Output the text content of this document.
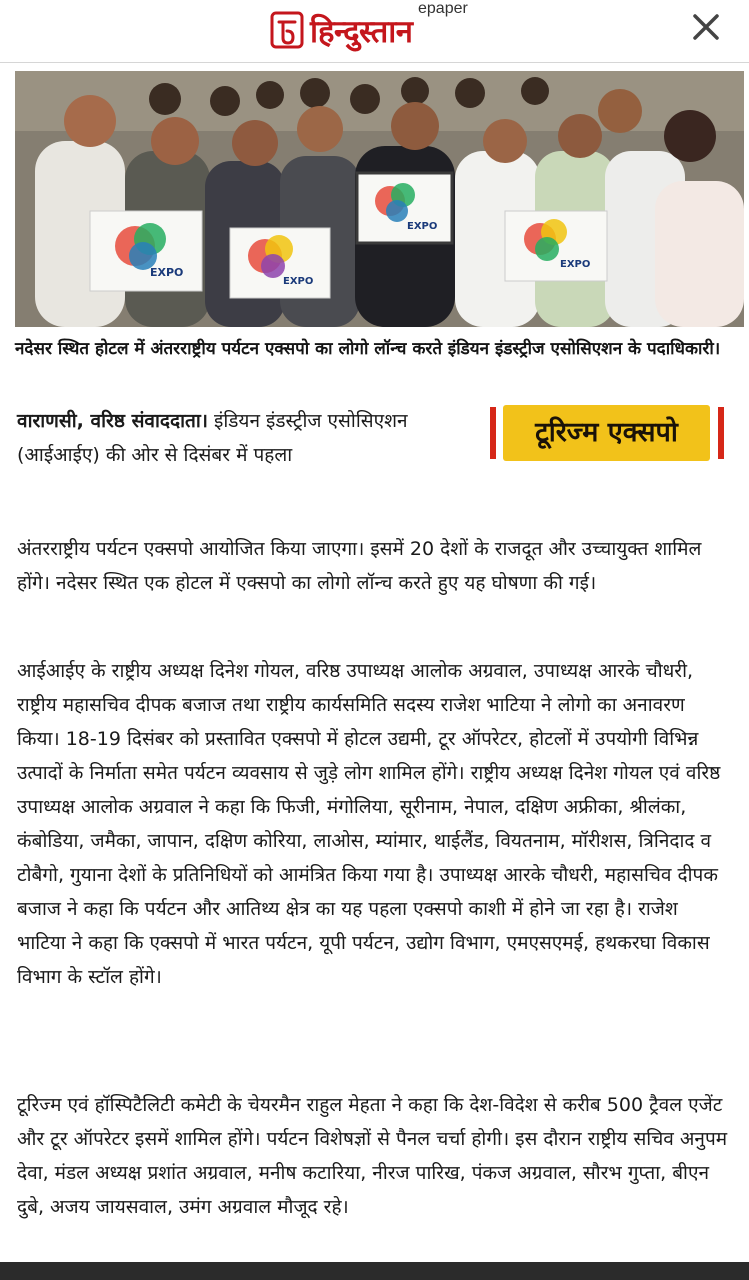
हिन्दुस्तान
epaper
EXPO
EXPO
EXPO
EXPO
नदेसर स्थित होटल में अंतरराष्ट्रीय पर्यटन एक्सपो का लोगो लॉन्च करते इंडियन इंडस्ट्रीज एसोसिएशन के पदाधिकारी।
वाराणसी, वरिष्ठ संवाददाता। इंडियन इंडस्ट्रीज एसोसिएशन (आईआईए) की ओर से दिसंबर में पहला
टूरिज्म एक्सपो
अंतरराष्ट्रीय पर्यटन एक्सपो आयोजित किया जाएगा। इसमें 20 देशों के राजदूत और उच्चायुक्त शामिल होंगे। नदेसर स्थित एक होटल में एक्सपो का लोगो लॉन्च करते हुए यह घोषणा की गई।
आईआईए के राष्ट्रीय अध्यक्ष दिनेश गोयल, वरिष्ठ उपाध्यक्ष आलोक अग्रवाल, उपाध्यक्ष आरके चौधरी, राष्ट्रीय महासचिव दीपक बजाज तथा राष्ट्रीय कार्यसमिति सदस्य राजेश भाटिया ने लोगो का अनावरण किया। 18-19 दिसंबर को प्रस्तावित एक्सपो में होटल उद्यमी, टूर ऑपरेटर, होटलों में उपयोगी विभिन्न उत्पादों के निर्माता समेत पर्यटन व्यवसाय से जुड़े लोग शामिल होंगे। राष्ट्रीय अध्यक्ष दिनेश गोयल एवं वरिष्ठ उपाध्यक्ष आलोक अग्रवाल ने कहा कि फिजी, मंगोलिया, सूरीनाम, नेपाल, दक्षिण अफ्रीका, श्रीलंका, कंबोडिया, जमैका, जापान, दक्षिण कोरिया, लाओस, म्यांमार, थाईलैंड, वियतनाम, मॉरीशस, त्रिनिदाद व टोबैगो, गुयाना देशों के प्रतिनिधियों को आमंत्रित किया गया है। उपाध्यक्ष आरके चौधरी, महासचिव दीपक बजाज ने कहा कि पर्यटन और आतिथ्य क्षेत्र का यह पहला एक्सपो काशी में होने जा रहा है। राजेश भाटिया ने कहा कि एक्सपो में भारत पर्यटन, यूपी पर्यटन, उद्योग विभाग, एमएसएमई, हथकरघा विकास विभाग के स्टॉल होंगे।
टूरिज्म एवं हॉस्पिटैलिटी कमेटी के चेयरमैन राहुल मेहता ने कहा कि देश-विदेश से करीब 500 ट्रैवल एजेंट और टूर ऑपरेटर इसमें शामिल होंगे। पर्यटन विशेषज्ञों से पैनल चर्चा होगी। इस दौरान राष्ट्रीय सचिव अनुपम देवा, मंडल अध्यक्ष प्रशांत अग्रवाल, मनीष कटारिया, नीरज पारिख, पंकज अग्रवाल, सौरभ गुप्ता, बीएन दुबे, अजय जायसवाल, उमंग अग्रवाल मौजूद रहे।
